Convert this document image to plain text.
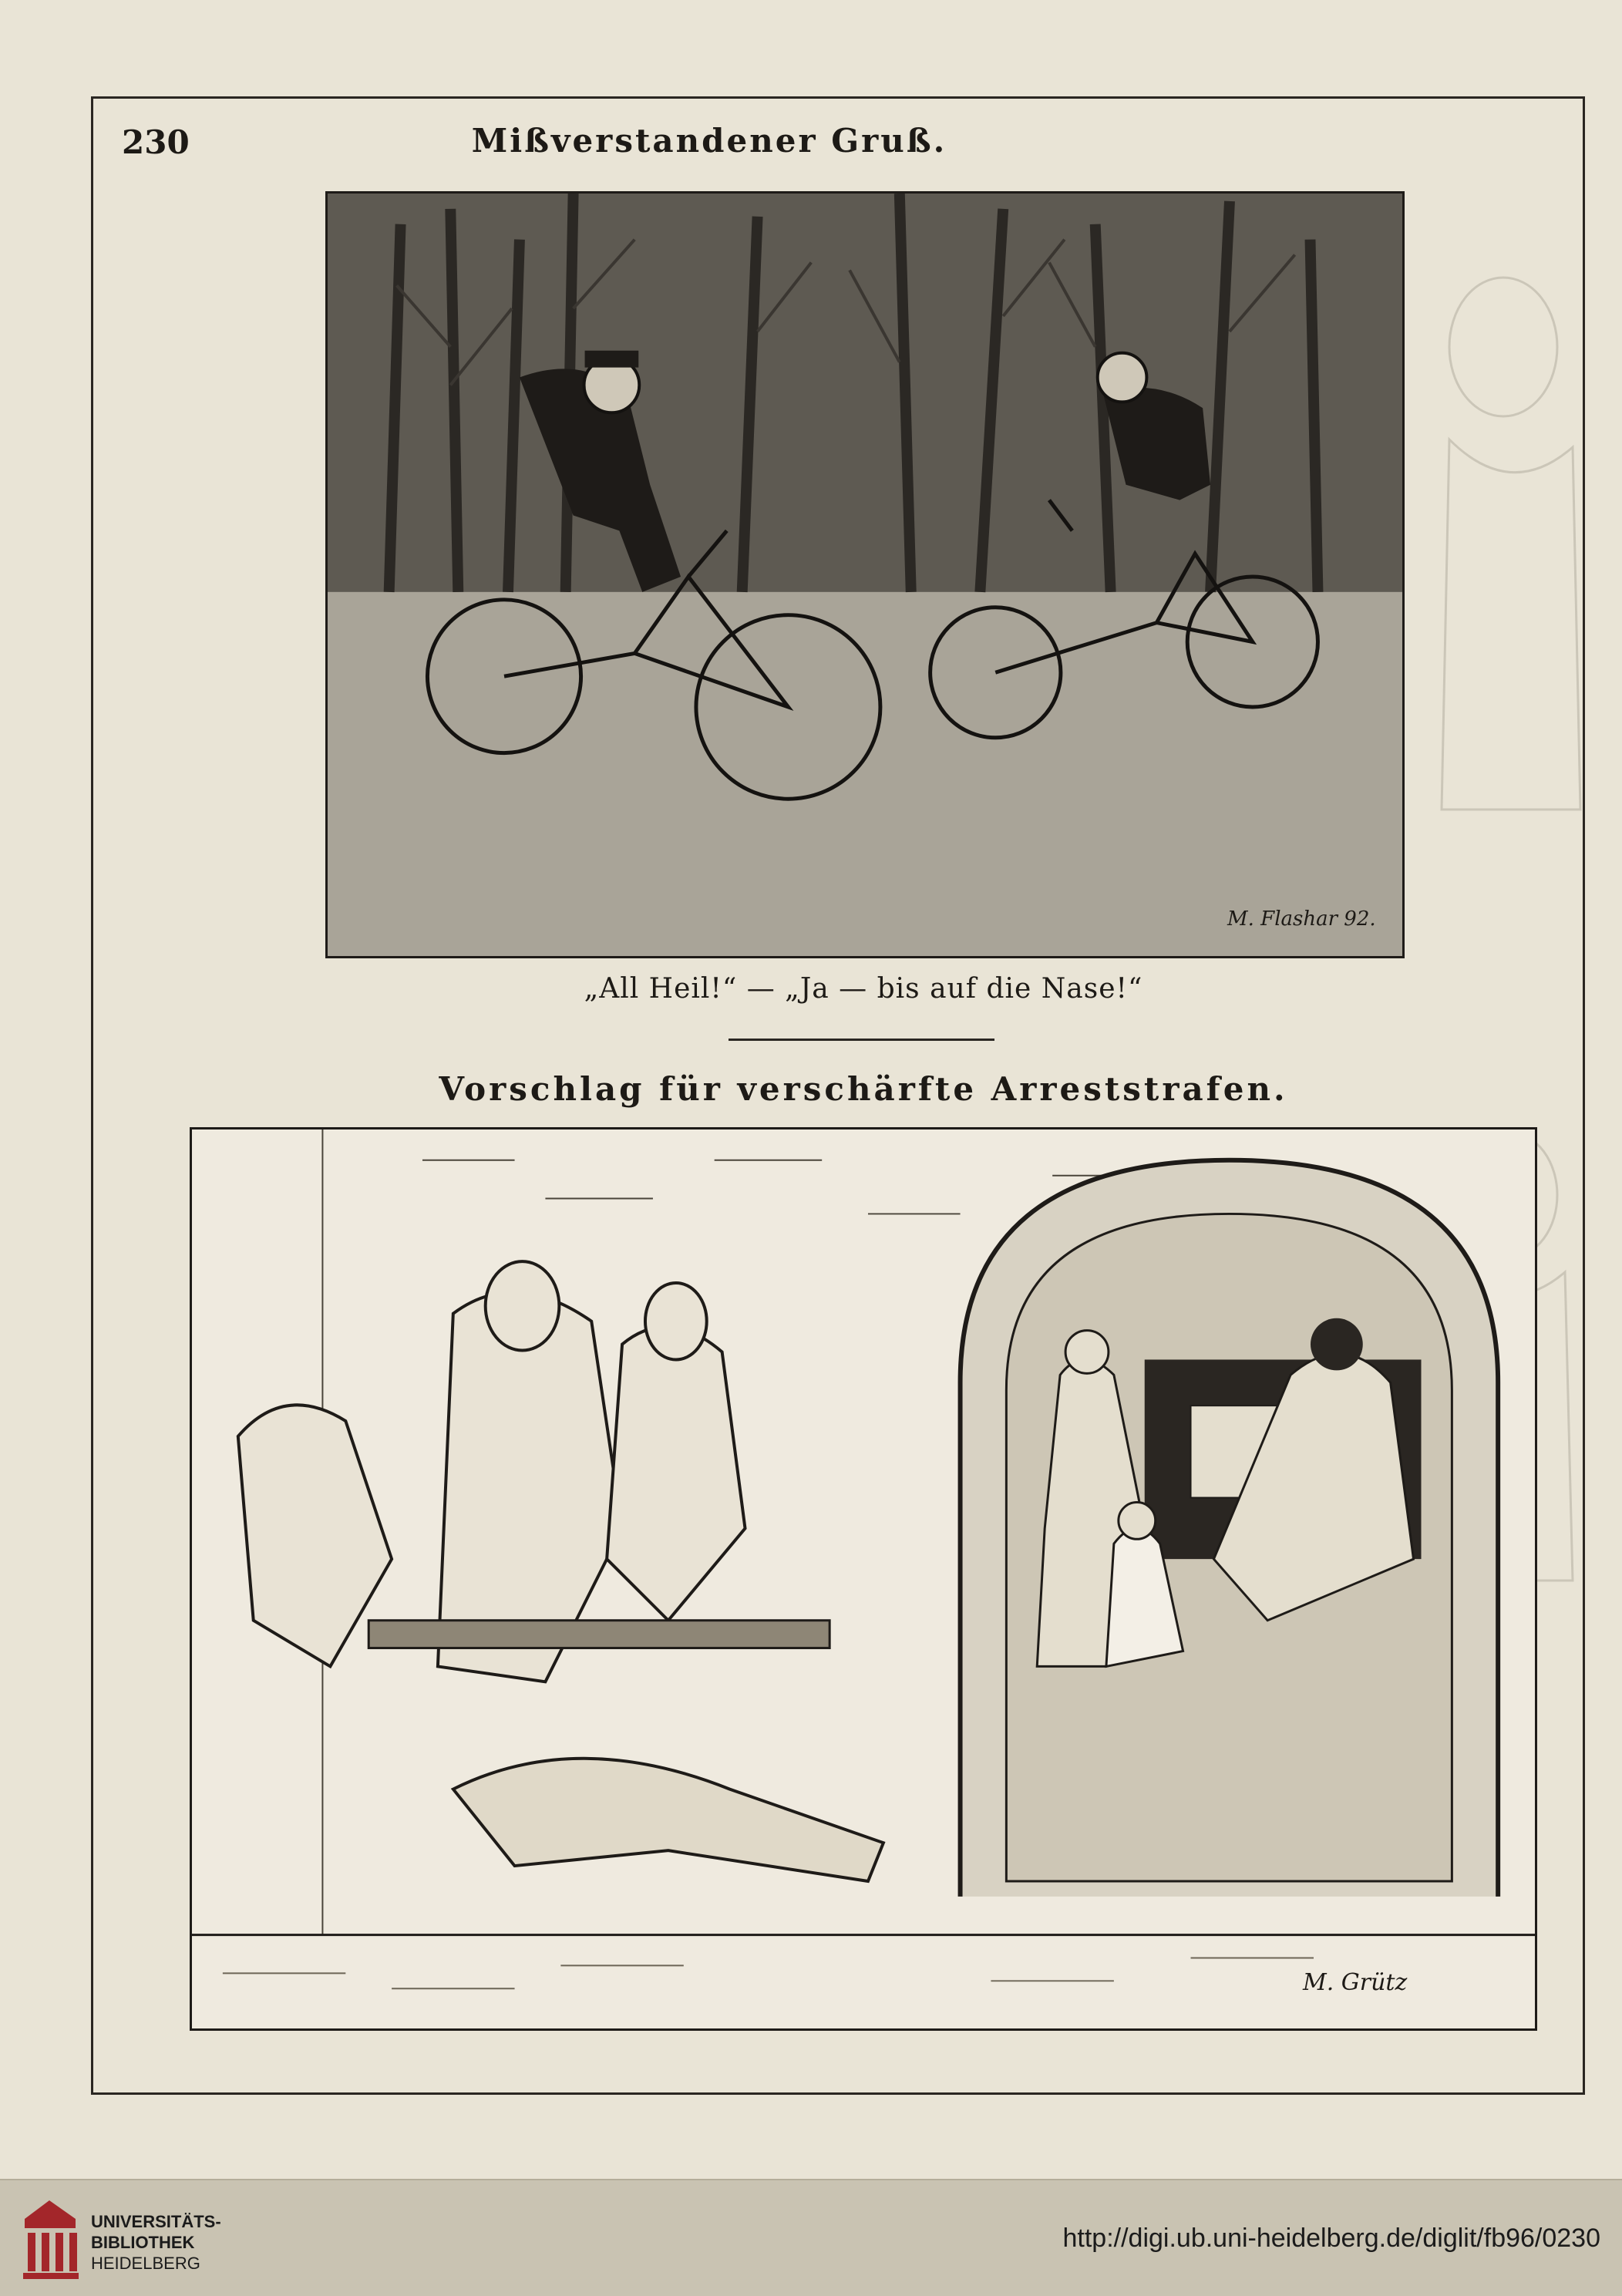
230	Mißverstandener Gruß.
M. Flashar 92.
„All Heil!“ — „Ja — bis auf die Nase!“
Vorschlag für verschärfte Arreststrafen.
M. Grütz
UNIVERSITÄTS-
BIBLIOTHEK
HEIDELBERG
http://digi.ub.uni-heidelberg.de/diglit/fb96/0230
